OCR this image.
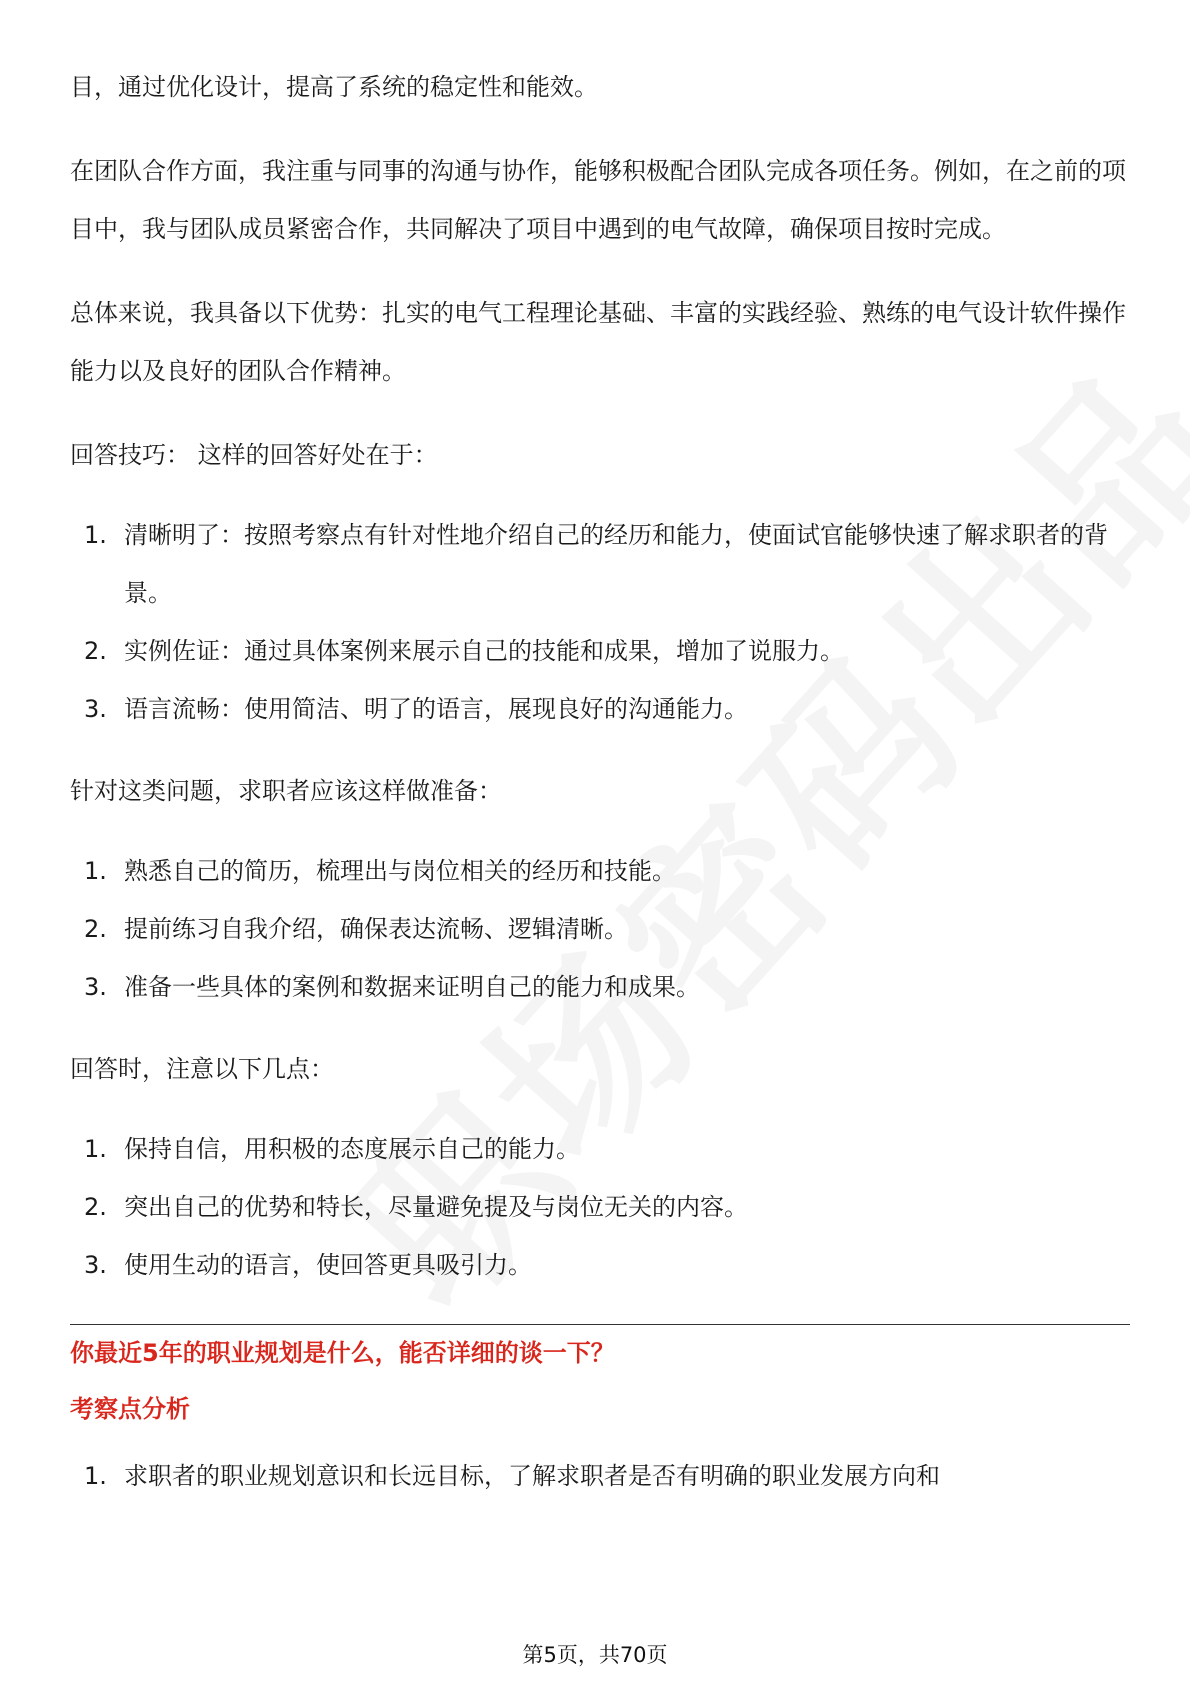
目，通过优化设计，提高了系统的稳定性和能效。

在团队合作方面，我注重与同事的沟通与协作，能够积极配合团队完成各项任务。例如，在之前的项目中，我与团队成员紧密合作，共同解决了项目中遇到的电气故障，确保项目按时完成。

总体来说，我具备以下优势：扎实的电气工程理论基础、丰富的实践经验、熟练的电气设计软件操作能力以及良好的团队合作精神。

回答技巧： 这样的回答好处在于：

1. 清晰明了：按照考察点有针对性地介绍自己的经历和能力，使面试官能够快速了解求职者的背景。
2. 实例佐证：通过具体案例来展示自己的技能和成果，增加了说服力。
3. 语言流畅：使用简洁、明了的语言，展现良好的沟通能力。

针对这类问题，求职者应该这样做准备：

1. 熟悉自己的简历，梳理出与岗位相关的经历和技能。
2. 提前练习自我介绍，确保表达流畅、逻辑清晰。
3. 准备一些具体的案例和数据来证明自己的能力和成果。

回答时，注意以下几点：

1. 保持自信，用积极的态度展示自己的能力。
2. 突出自己的优势和特长，尽量避免提及与岗位无关的内容。
3. 使用生动的语言，使回答更具吸引力。

你最近5年的职业规划是什么，能否详细的谈一下？

考察点分析

1. 求职者的职业规划意识和长远目标，了解求职者是否有明确的职业发展方向和
第5页，共70页
